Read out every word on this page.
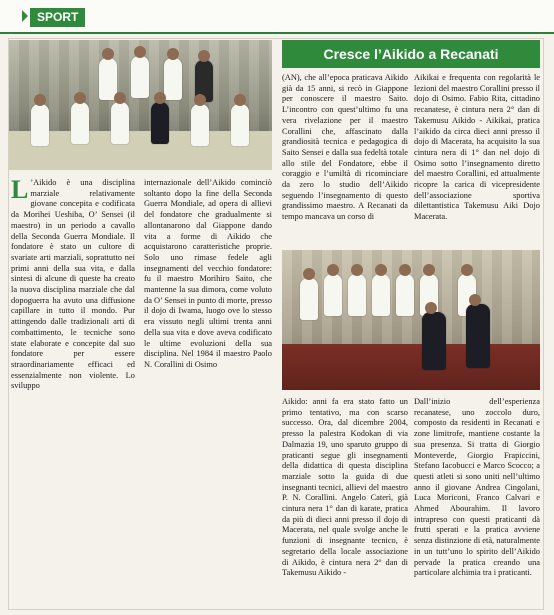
SPORT
Cresce l’Aikido a Recanati
L ’Aikido è una disciplina marziale relativamente giovane concepita e codificata da Morihei Ueshiba, O’ Sensei (il maestro) in un periodo a cavallo della Seconda Guerra Mondiale. Il fondatore è stato un cultore di svariate arti marziali, soprattutto nei primi anni della sua vita, e dalla sintesi di alcune di queste ha creato la nuova disciplina marziale che dal dopoguerra ha avuto una diffusione capillare in tutto il mondo. Pur attingendo dalle tradizionali arti di combattimento, le tecniche sono state elaborate e concepite dal suo fondatore per essere straordinariamente efficaci ed essenzialmente non violente. Lo sviluppo
internazionale dell’Aikido cominciò soltanto dopo la fine della Seconda Guerra Mondiale, ad opera di allievi del fondatore che gradualmente si allontanarono dal Giappone dando vita a forme di Aikido che acquistarono caratteristiche proprie. Solo uno rimase fedele agli insegnamenti del vecchio fondatore: fu il maestro Morihiro Saito, che mantenne la sua dimora, come voluto da O’ Sensei in punto di morte, presso il dojo di Iwama, luogo ove lo stesso era vissuto negli ultimi trenta anni della sua vita e dove aveva codificato le ultime evoluzioni della sua disciplina. Nel 1984 il maestro Paolo N. Corallini di Osimo
(AN), che all’epoca praticava Aikido già da 15 anni, si recò in Giappone per conoscere il maestro Saito. L’incontro con quest’ultimo fu una vera rivelazione per il maestro Corallini che, affascinato dalla grandiosità tecnica e pedagogica di Saito Sensei e dalla sua fedeltà totale allo stile del Fondatore, ebbe il coraggio e l’umiltà di ricominciare da zero lo studio dell’Aikido seguendo l’insegnamento di questo grandissimo maestro. A Recanati da tempo mancava un corso di
Aikikai e frequenta con regolarità le lezioni del maestro Corallini presso il dojo di Osimo. Fabio Rita, cittadino recanatese, è cintura nera 2° dan di Takemusu Aikido - Aikikai, pratica l’aikido da circa dieci anni presso il dojo di Macerata, ha acquisito la sua cintura nera di 1° dan nel dojo di Osimo sotto l’insegnamento diretto del maestro Corallini, ed attualmente ricopre la carica di vicepresidente dell’associazione sportiva dilettantistica Takemusu Aiki Dojo Macerata.
Aikido: anni fa era stato fatto un primo tentativo, ma con scarso successo. Ora, dal dicembre 2004, presso la palestra Kodokan di via Dalmazia 19, uno sparuto gruppo di praticanti segue gli insegnamenti della didattica di questa disciplina marziale sotto la guida di due insegnanti tecnici, allievi del maestro P. N. Corallini. Angelo Caterì, già cintura nera 1° dan di karate, pratica da più di dieci anni presso il dojo di Macerata, nel quale svolge anche le funzioni di insegnante tecnico, è segretario della locale associazione di Aikido, è cintura nera 2° dan di Takemusu Aikido -
Dall’inizio dell’esperienza recanatese, uno zoccolo duro, composto da residenti in Recanati e zone limitrofe, mantiene costante la sua presenza. Si tratta di Giorgio Monteverde, Giorgio Frapiccini, Stefano Iacobucci e Marco Scocco; a questi atleti si sono uniti nell’ultimo anno il giovane Andrea Cingolani, Luca Moriconi, Franco Calvari e Ahmed Abourahim. Il lavoro intrapreso con questi praticanti dà frutti sperati e la pratica avviene senza distinzione di età, naturalmente in un tutt’uno lo spirito dell’Aikido pervade la pratica creando una particolare alchimia tra i praticanti.
